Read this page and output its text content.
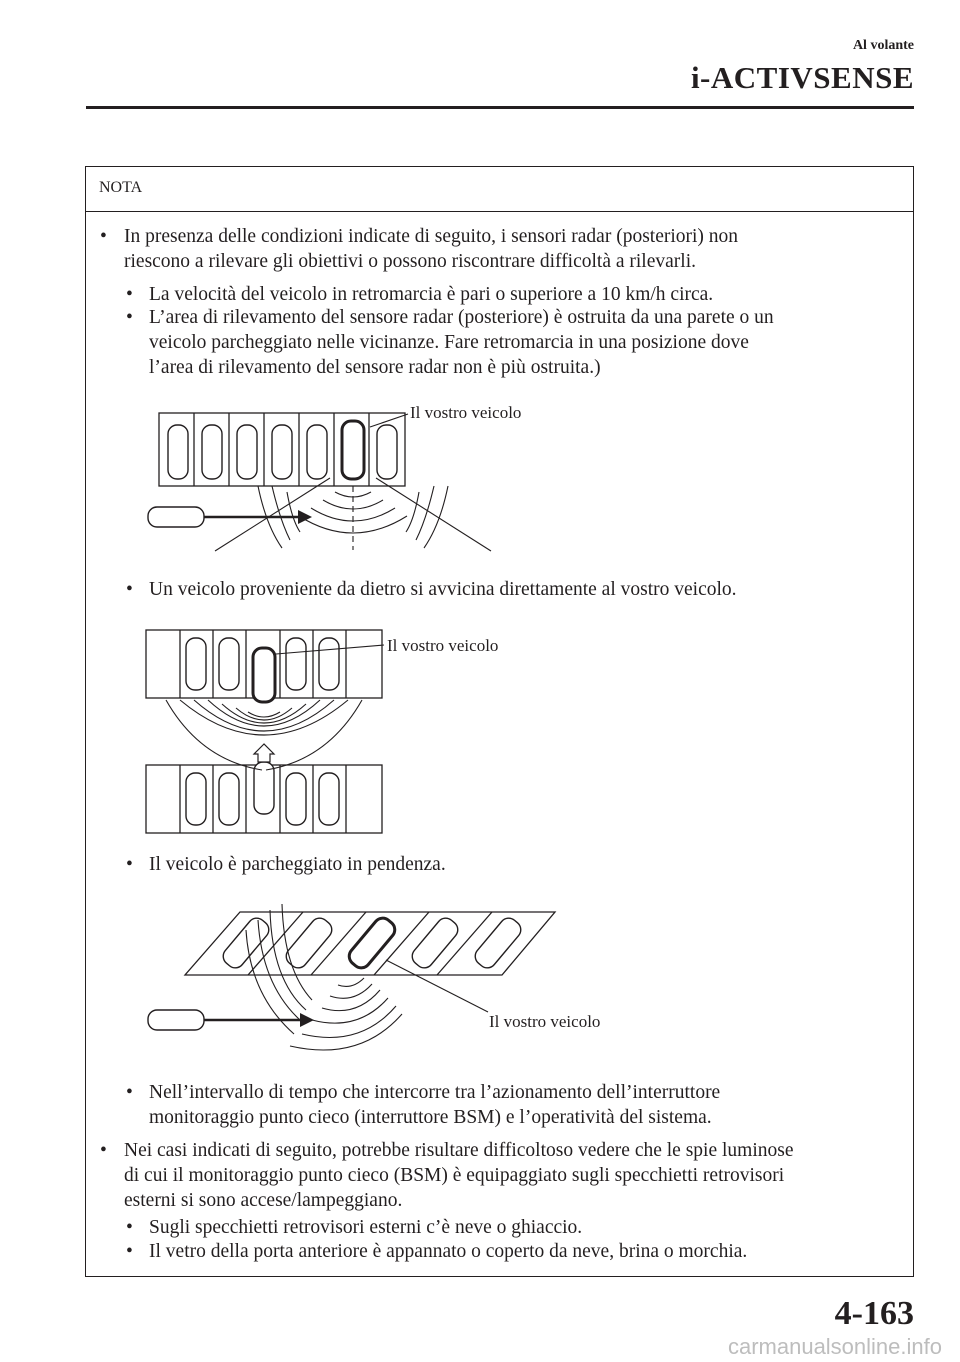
Al volante
i-ACTIVSENSE
NOTA
• In presenza delle condizioni indicate di seguito, i sensori radar (posteriori) non
riescono a rilevare gli obiettivi o possono riscontrare difficoltà a rilevarli.
• La velocità del veicolo in retromarcia è pari o superiore a 10 km/h circa.
• L’area di rilevamento del sensore radar (posteriore) è ostruita da una parete o un
veicolo parcheggiato nelle vicinanze. Fare retromarcia in una posizione dove
l’area di rilevamento del sensore radar non è più ostruita.)
Il vostro veicolo
• Un veicolo proveniente da dietro si avvicina direttamente al vostro veicolo.
Il vostro veicolo
• Il veicolo è parcheggiato in pendenza.
Il vostro veicolo
• Nell’intervallo di tempo che intercorre tra l’azionamento dell’interruttore
monitoraggio punto cieco (interruttore BSM) e l’operatività del sistema.
• Nei casi indicati di seguito, potrebbe risultare difficoltoso vedere che le spie luminose
di cui il monitoraggio punto cieco (BSM) è equipaggiato sugli specchietti retrovisori
esterni si sono accese/lampeggiano.
• Sugli specchietti retrovisori esterni c’è neve o ghiaccio.
• Il vetro della porta anteriore è appannato o coperto da neve, brina o morchia.
4-163
carmanualsonline.info
